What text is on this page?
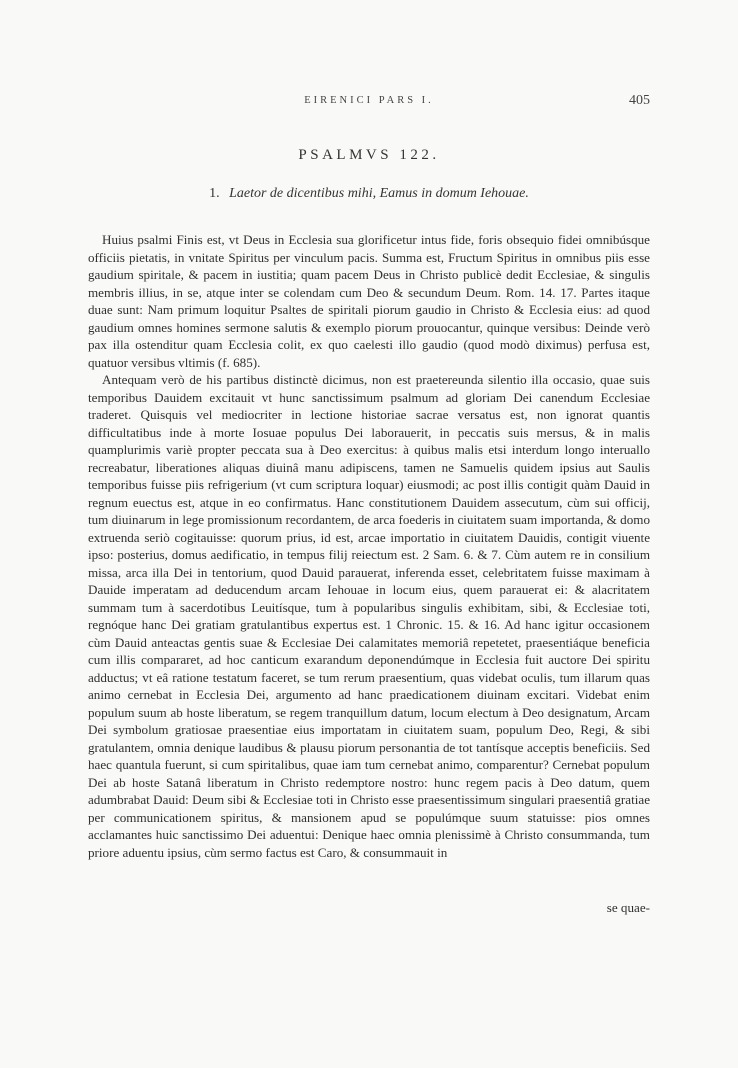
EIRENICI PARS I.	405
PSALMVS 122.
1. Laetor de dicentibus mihi, Eamus in domum Iehouae.

Huius psalmi Finis est, vt Deus in Ecclesia sua glorificetur intus fide, foris obsequio fidei omnibúsque officiis pietatis, in vnitate Spiritus per vinculum pacis. Summa est, Fructum Spiritus in omnibus piis esse gaudium spiritale, & pacem in iustitia; quam pacem Deus in Christo publicè dedit Ecclesiae, & singulis membris illius, in se, atque inter se colendam cum Deo & secundum Deum. Rom. 14. 17. Partes itaque duae sunt: Nam primum loquitur Psaltes de spiritali piorum gaudio in Christo & Ecclesia eius: ad quod gaudium omnes homines sermone salutis & exemplo piorum prouocantur, quinque versibus: Deinde verò pax illa ostenditur quam Ecclesia colit, ex quo caelesti illo gaudio (quod modò diximus) perfusa est, quatuor versibus vltimis (f. 685).

Antequam verò de his partibus distinctè dicimus, non est praetereunda silentio illa occasio, quae suis temporibus Dauidem excitauit vt hunc sanctissimum psalmum ad gloriam Dei canendum Ecclesiae traderet. Quisquis vel mediocriter in lectione historiae sacrae versatus est, non ignorat quantis difficultatibus inde à morte Iosuae populus Dei laborauerit, in peccatis suis mersus, & in malis quamplurimis variè propter peccata sua à Deo exercitus: à quibus malis etsi interdum longo interuallo recreabatur, liberationes aliquas diuinâ manu adipiscens, tamen ne Samuelis quidem ipsius aut Saulis temporibus fuisse piis refrigerium (vt cum scriptura loquar) eiusmodi; ac post illis contigit quàm Dauid in regnum euectus est, atque in eo confirmatus. Hanc constitutionem Dauidem assecutum, cùm sui officij, tum diuinarum in lege promissionum recordantem, de arca foederis in ciuitatem suam importanda, & domo extruenda seriò cogitauisse: quorum prius, id est, arcae importatio in ciuitatem Dauidis, contigit viuente ipso: posterius, domus aedificatio, in tempus filij reiectum est. 2 Sam. 6. & 7. Cùm autem re in consilium missa, arca illa Dei in tentorium, quod Dauid parauerat, inferenda esset, celebritatem fuisse maximam à Dauide imperatam ad deducendum arcam Iehouae in locum eius, quem parauerat ei: & alacritatem summam tum à sacerdotibus Leuitísque, tum à popularibus singulis exhibitam, sibi, & Ecclesiae toti, regnóque hanc Dei gratiam gratulantibus expertus est. 1 Chronic. 15. & 16. Ad hanc igitur occasionem cùm Dauid anteactas gentis suae & Ecclesiae Dei calamitates memoriâ repetetet, praesentiáque beneficia cum illis compararet, ad hoc canticum exarandum deponendúmque in Ecclesia fuit auctore Dei spiritu adductus; vt eâ ratione testatum faceret, se tum rerum praesentium, quas videbat oculis, tum illarum quas animo cernebat in Ecclesia Dei, argumento ad hanc praedicationem diuinam excitari. Videbat enim populum suum ab hoste liberatum, se regem tranquillum datum, locum electum à Deo designatum, Arcam Dei symbolum gratiosae praesentiae eius importatam in ciuitatem suam, populum Deo, Regi, & sibi gratulantem, omnia denique laudibus & plausu piorum personantia de tot tantísque acceptis beneficiis. Sed haec quantula fuerunt, si cum spiritalibus, quae iam tum cernebat animo, comparentur? Cernebat populum Dei ab hoste Satanâ liberatum in Christo redemptore nostro: hunc regem pacis à Deo datum, quem adumbrabat Dauid: Deum sibi & Ecclesiae toti in Christo esse praesentissimum singulari praesentiâ gratiae per communicationem spiritus, & mansionem apud se populúmque suum statuisse: pios omnes acclamantes huic sanctissimo Dei aduentui: Denique haec omnia plenissimè à Christo consummanda, tum priore aduentu ipsius, cùm sermo factus est Caro, & consummauit in

se quae-
